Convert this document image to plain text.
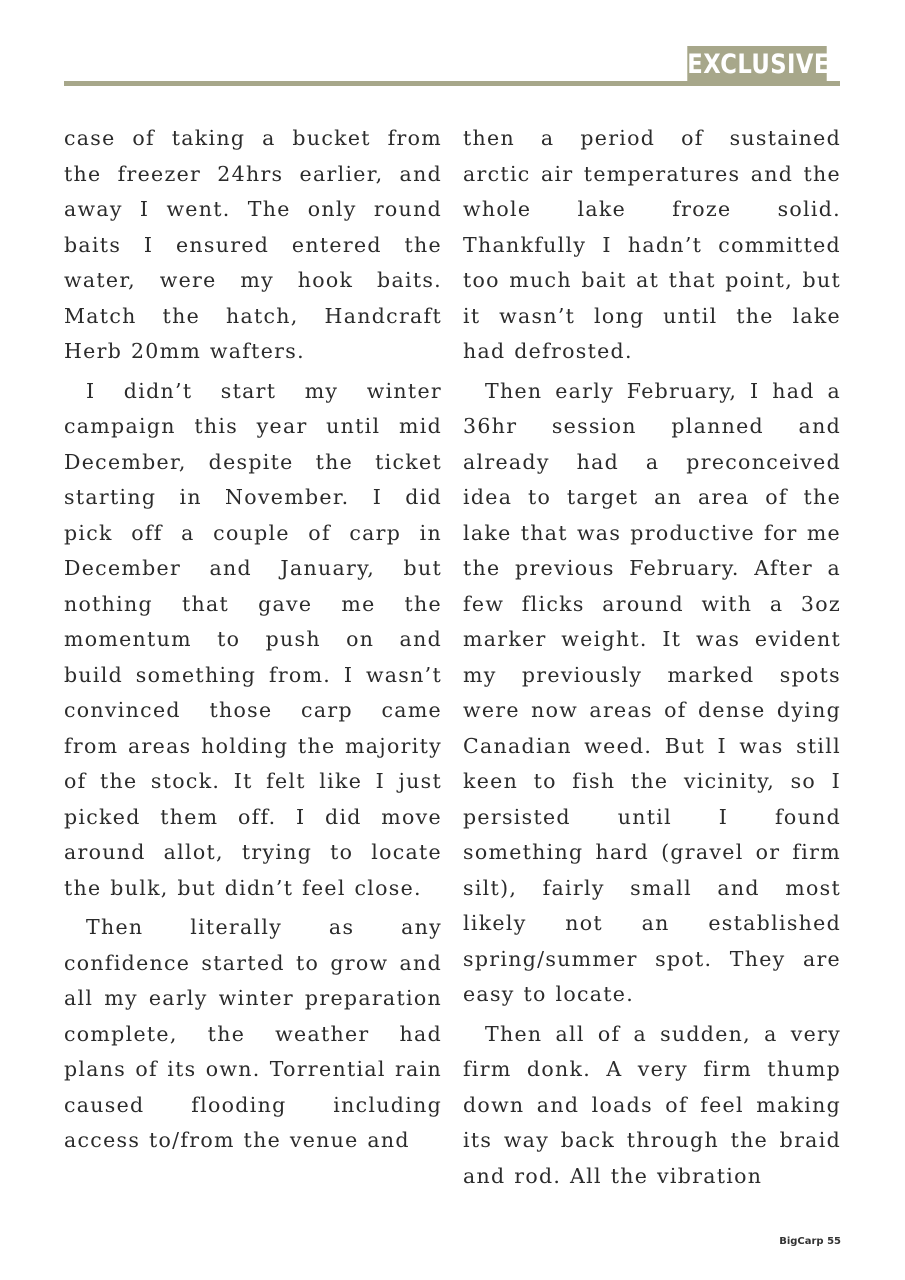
EXCLUSIVE

case of taking a bucket from the freezer 24hrs earlier, and away I went. The only round baits I ensured entered the water, were my hook baits. Match the hatch, Handcraft Herb 20mm wafters.

I didn’t start my winter campaign this year until mid December, despite the ticket starting in November. I did pick off a couple of carp in December and January, but nothing that gave me the momentum to push on and build something from. I wasn’t convinced those carp came from areas holding the majority of the stock. It felt like I just picked them off. I did move around allot, trying to locate the bulk, but didn’t feel close.

Then literally as any confidence started to grow and all my early winter preparation complete, the weather had plans of its own. Torrential rain caused flooding including access to/from the venue and

then a period of sustained arctic air temperatures and the whole lake froze solid. Thankfully I hadn’t committed too much bait at that point, but it wasn’t long until the lake had defrosted.

Then early February, I had a 36hr session planned and already had a preconceived idea to target an area of the lake that was productive for me the previous February. After a few flicks around with a 3oz marker weight. It was evident my previously marked spots were now areas of dense dying Canadian weed. But I was still keen to fish the vicinity, so I persisted until I found something hard (gravel or firm silt), fairly small and most likely not an established spring/summer spot. They are easy to locate.

Then all of a sudden, a very firm donk. A very firm thump down and loads of feel making its way back through the braid and rod. All the vibration

BigCarp 55
